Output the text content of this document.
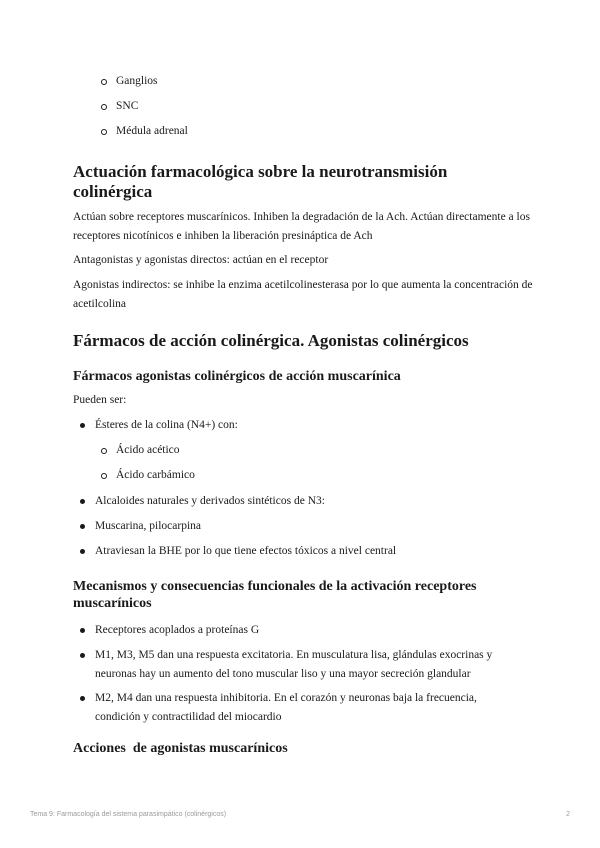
Ganglios
SNC
Médula adrenal
Actuación farmacológica sobre la neurotransmisión colinérgica

Actúan sobre receptores muscarínicos. Inhiben la degradación de la Ach. Actúan directamente a los receptores nicotínicos e inhiben la liberación presináptica de Ach

Antagonistas y agonistas directos: actúan en el receptor

Agonistas indirectos: se inhibe la enzima acetilcolinesterasa por lo que aumenta la concentración de acetilcolina

Fármacos de acción colinérgica. Agonistas colinérgicos
Fármacos agonistas colinérgicos de acción muscarínica

Pueden ser:

Ésteres de la colina (N4+) con:
Ácido acético
Ácido carbámico
Alcaloides naturales y derivados sintéticos de N3:
Muscarina, pilocarpina
Atraviesan la BHE por lo que tiene efectos tóxicos a nivel central
Mecanismos y consecuencias funcionales de la activación receptores muscarínicos
Receptores acoplados a proteínas G
M1, M3, M5 dan una respuesta excitatoria. En musculatura lisa, glándulas exocrinas y neuronas hay un aumento del tono muscular liso y una mayor secreción glandular
M2, M4 dan una respuesta inhibitoria. En el corazón y neuronas baja la frecuencia, condición y contractilidad del miocardio
Acciones  de agonistas muscarínicos
Tema 9: Farmacología del sistema parasimpático (colinérgicos)	2
